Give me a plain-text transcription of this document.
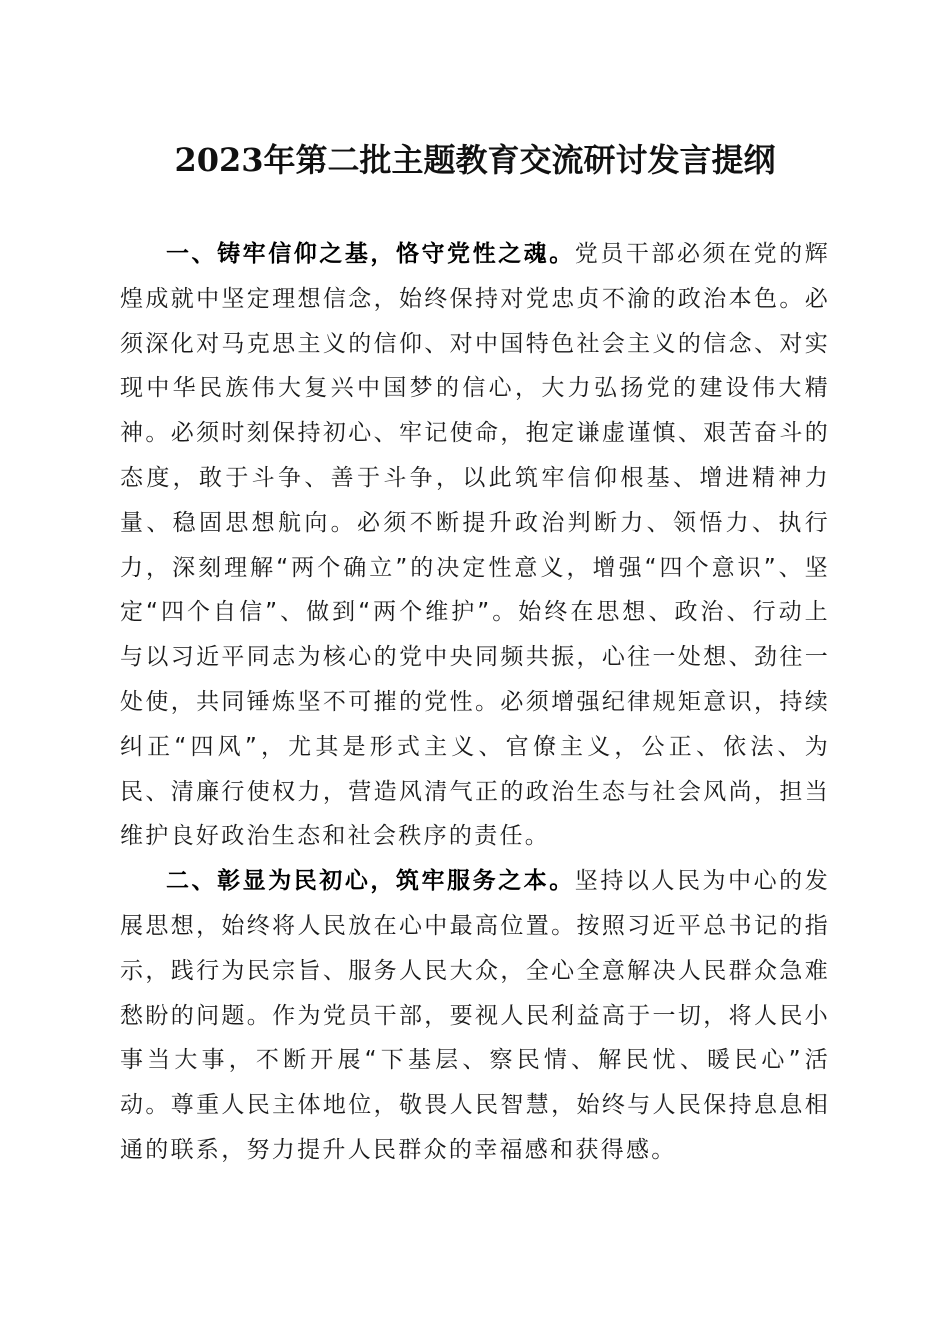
2023年第二批主题教育交流研讨发言提纲

一、铸牢信仰之基，恪守党性之魂。党员干部必须在党的辉煌成就中坚定理想信念，始终保持对党忠贞不渝的政治本色。必须深化对马克思主义的信仰、对中国特色社会主义的信念、对实现中华民族伟大复兴中国梦的信心，大力弘扬党的建设伟大精神。必须时刻保持初心、牢记使命，抱定谦虚谨慎、艰苦奋斗的态度，敢于斗争、善于斗争，以此筑牢信仰根基、增进精神力量、稳固思想航向。必须不断提升政治判断力、领悟力、执行力，深刻理解“两个确立”的决定性意义，增强“四个意识”、坚定“四个自信”、做到“两个维护”。始终在思想、政治、行动上与以习近平同志为核心的党中央同频共振，心往一处想、劲往一处使，共同锤炼坚不可摧的党性。必须增强纪律规矩意识，持续纠正“四风”，尤其是形式主义、官僚主义，公正、依法、为民、清廉行使权力，营造风清气正的政治生态与社会风尚，担当维护良好政治生态和社会秩序的责任。

二、彰显为民初心，筑牢服务之本。坚持以人民为中心的发展思想，始终将人民放在心中最高位置。按照习近平总书记的指示，践行为民宗旨、服务人民大众，全心全意解决人民群众急难愁盼的问题。作为党员干部，要视人民利益高于一切，将人民小事当大事，不断开展“下基层、察民情、解民忧、暖民心”活动。尊重人民主体地位，敬畏人民智慧，始终与人民保持息息相通的联系，努力提升人民群众的幸福感和获得感。
